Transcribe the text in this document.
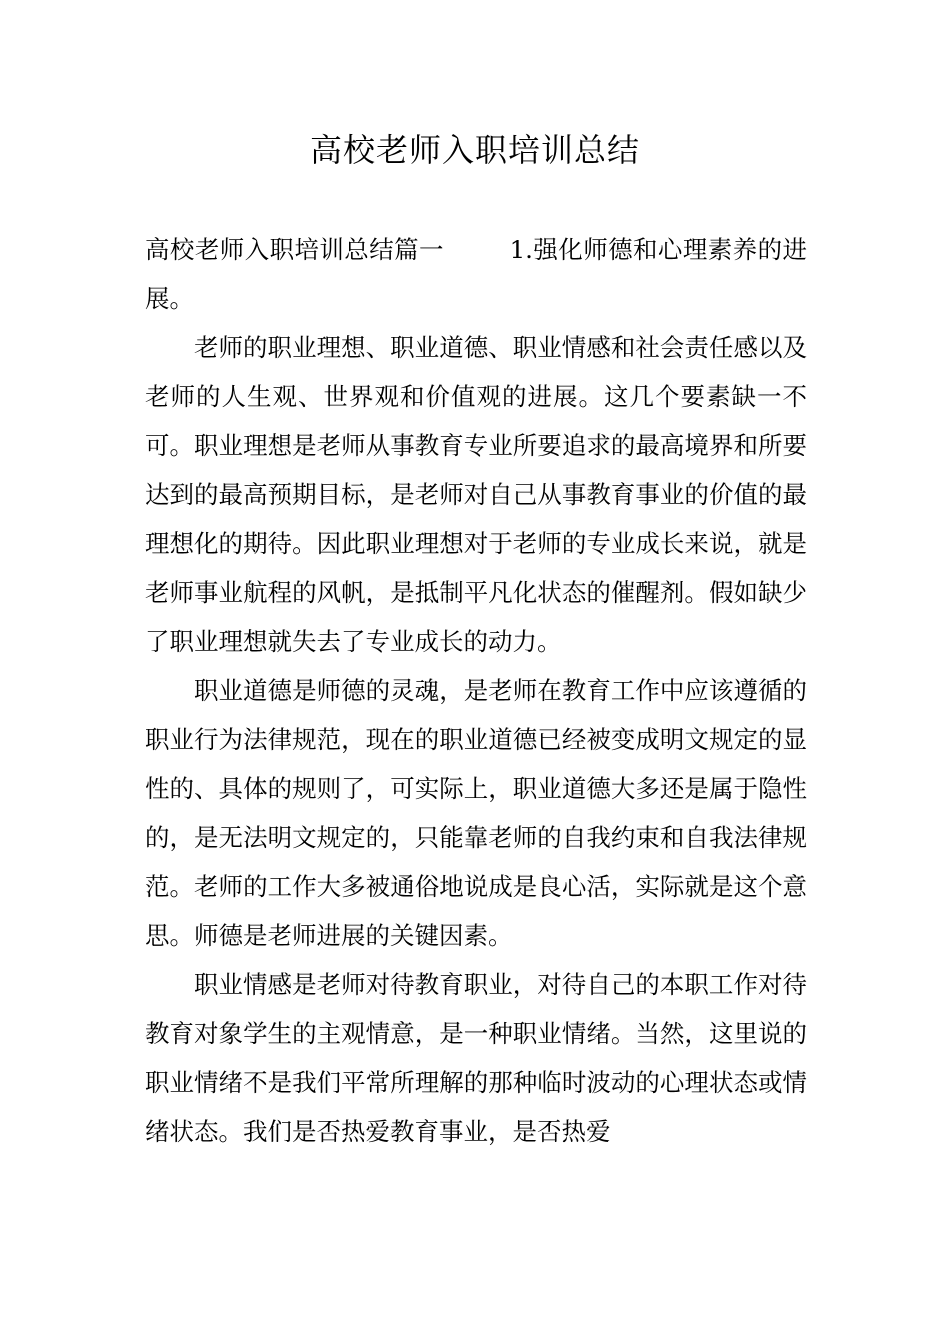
高校老师入职培训总结

高校老师入职培训总结篇一	1.强化师德和心理素养的进展。

老师的职业理想、职业道德、职业情感和社会责任感以及老师的人生观、世界观和价值观的进展。这几个要素缺一不可。职业理想是老师从事教育专业所要追求的最高境界和所要达到的最高预期目标，是老师对自己从事教育事业的价值的最理想化的期待。因此职业理想对于老师的专业成长来说，就是老师事业航程的风帆，是抵制平凡化状态的催醒剂。假如缺少了职业理想就失去了专业成长的动力。

职业道德是师德的灵魂，是老师在教育工作中应该遵循的职业行为法律规范，现在的职业道德已经被变成明文规定的显性的、具体的规则了，可实际上，职业道德大多还是属于隐性的，是无法明文规定的，只能靠老师的自我约束和自我法律规范。老师的工作大多被通俗地说成是良心活，实际就是这个意思。师德是老师进展的关键因素。

职业情感是老师对待教育职业，对待自己的本职工作对待教育对象学生的主观情意，是一种职业情绪。当然，这里说的职业情绪不是我们平常所理解的那种临时波动的心理状态或情绪状态。我们是否热爱教育事业，是否热爱
